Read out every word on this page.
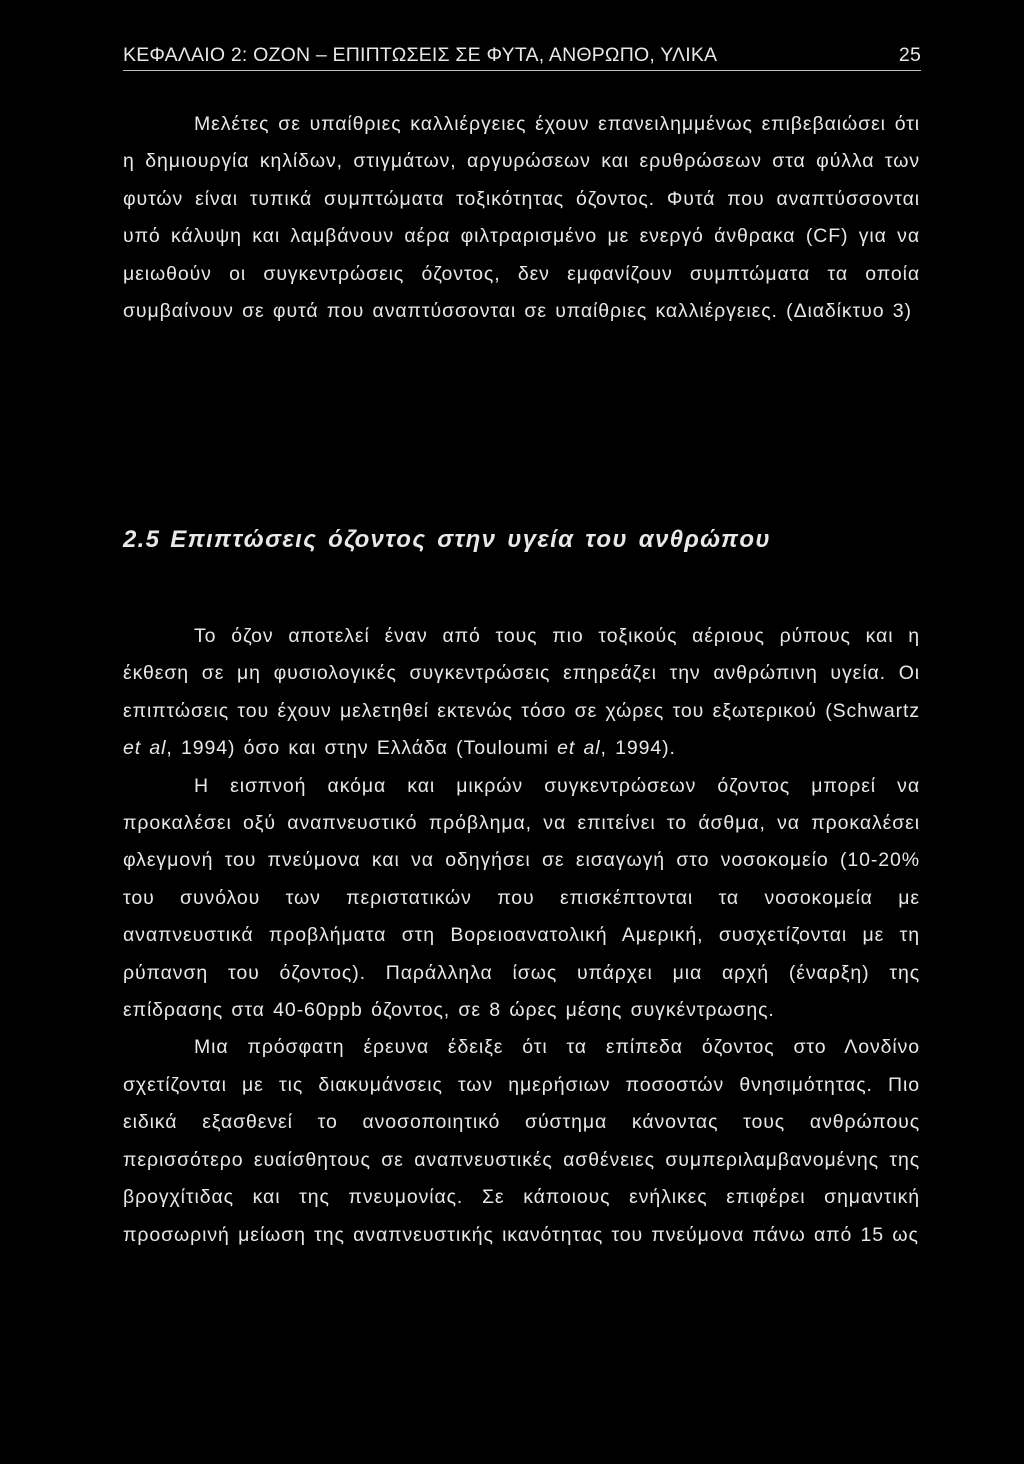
ΚΕΦΑΛΑΙΟ 2: ΟΖΟΝ – ΕΠΙΠΤΩΣΕΙΣ ΣΕ ΦΥΤΑ, ΑΝΘΡΩΠΟ, ΥΛΙΚΑ	25

Μελέτες σε υπαίθριες καλλιέργειες έχουν επανειλημμένως επιβεβαιώσει ότι η δημιουργία κηλίδων, στιγμάτων, αργυρώσεων και ερυθρώσεων στα φύλλα των φυτών είναι τυπικά συμπτώματα τοξικότητας όζοντος. Φυτά που αναπτύσσονται υπό κάλυψη και λαμβάνουν αέρα φιλτραρισμένο με ενεργό άνθρακα (CF) για να μειωθούν οι συγκεντρώσεις όζοντος, δεν εμφανίζουν συμπτώματα τα οποία συμβαίνουν σε φυτά που αναπτύσσονται σε υπαίθριες καλλιέργειες. (Διαδίκτυο 3)

2.5 Επιπτώσεις όζοντος στην υγεία του ανθρώπου

Το όζον αποτελεί έναν από τους πιο τοξικούς αέριους ρύπους και η έκθεση σε μη φυσιολογικές συγκεντρώσεις επηρεάζει την ανθρώπινη υγεία. Οι επιπτώσεις του έχουν μελετηθεί εκτενώς τόσο σε χώρες του εξωτερικού (Schwartz et al, 1994) όσο και στην Ελλάδα (Touloumi et al, 1994).

Η εισπνοή ακόμα και μικρών συγκεντρώσεων όζοντος μπορεί να προκαλέσει οξύ αναπνευστικό πρόβλημα, να επιτείνει το άσθμα, να προκαλέσει φλεγμονή του πνεύμονα και να οδηγήσει σε εισαγωγή στο νοσοκομείο (10-20% του συνόλου των περιστατικών που επισκέπτονται τα νοσοκομεία με αναπνευστικά προβλήματα στη Βορειοανατολική Αμερική, συσχετίζονται με τη ρύπανση του όζοντος). Παράλληλα ίσως υπάρχει μια αρχή (έναρξη) της επίδρασης στα 40-60ppb όζοντος, σε 8 ώρες μέσης συγκέντρωσης.

Μια πρόσφατη έρευνα έδειξε ότι τα επίπεδα όζοντος στο Λονδίνο σχετίζονται με τις διακυμάνσεις των ημερήσιων ποσοστών θνησιμότητας. Πιο ειδικά εξασθενεί το ανοσοποιητικό σύστημα κάνοντας τους ανθρώπους περισσότερο ευαίσθητους σε αναπνευστικές ασθένειες συμπεριλαμβανομένης της βρογχίτιδας και της πνευμονίας. Σε κάποιους ενήλικες επιφέρει σημαντική προσωρινή μείωση της αναπνευστικής ικανότητας του πνεύμονα πάνω από 15 ως
